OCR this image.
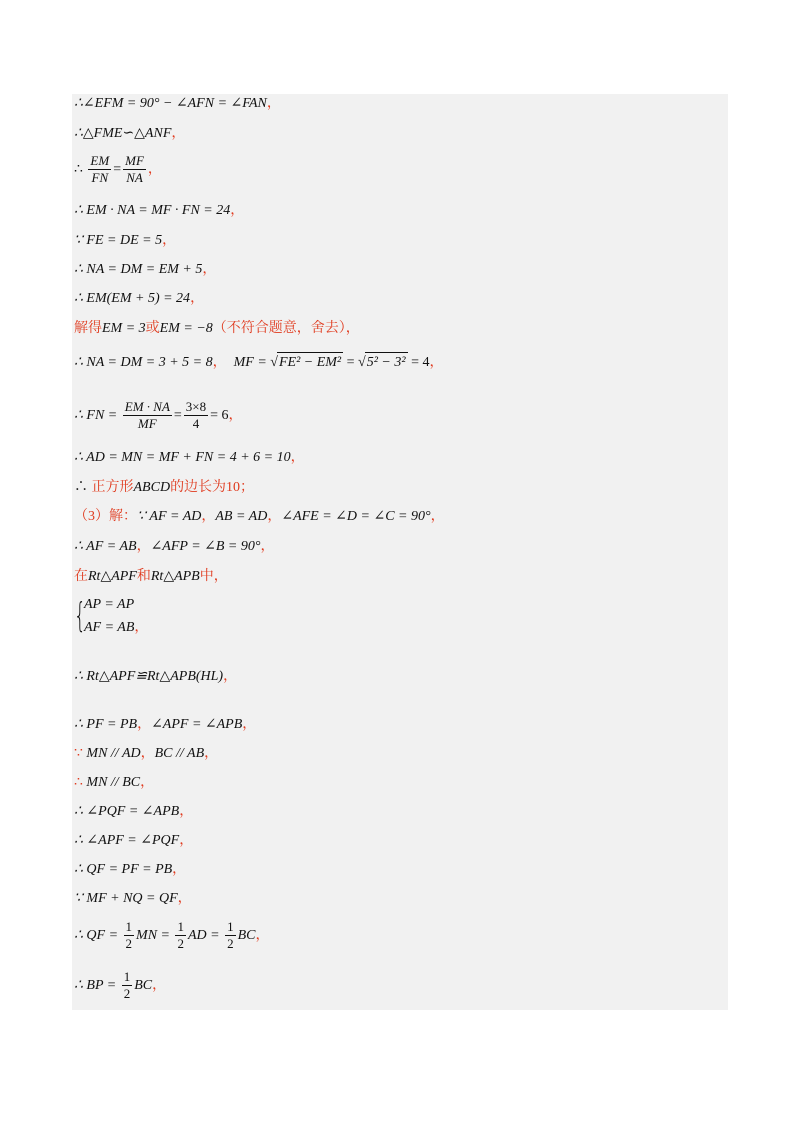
∴∠EFM = 90° − ∠AFN = ∠FAN，
∴△FME∽△ANF，
∴ $\frac{EM}{FN} = \frac{MF}{NA}$ ，
∴ EM · NA = MF · FN = 24，
∵ FE = DE = 5，
∴ NA = DM = EM + 5，
∴ EM(EM + 5) = 24，
解得EM = 3或EM = −8（不符合题意，舍去），
∴ NA = DM = 3 + 5 = 8， MF = √FE² − EM² = √5² − 3² = 4，
∴ FN = $\frac{EM \cdot NA}{MF} = \frac{3\times 8}{4} = 6$，
∴ AD = MN = MF + FN = 4 + 6 = 10，
∴ 正方形ABCD的边长为10；
（3）解：∵ AF = AD，AB = AD，∠AFE = ∠D = ∠C = 90°，
∴ AF = AB，∠AFP = ∠B = 90°，
在Rt△APF和Rt△APB中，
{
AP = AP
AF = AB，
∴ Rt△APF≌Rt△APB(HL)，
∴ PF = PB，∠APF = ∠APB，
∵ MN // AD，BC // AB，
∴ MN // BC，
∴ ∠PQF = ∠APB，
∴ ∠APF = ∠PQF，
∴ QF = PF = PB，
∵ MF + NQ = QF，
∴ QF = $\frac{1}{2}$ MN = $\frac{1}{2}$ AD = $\frac{1}{2}$ BC，
∴ BP = $\frac{1}{2}$ BC，
